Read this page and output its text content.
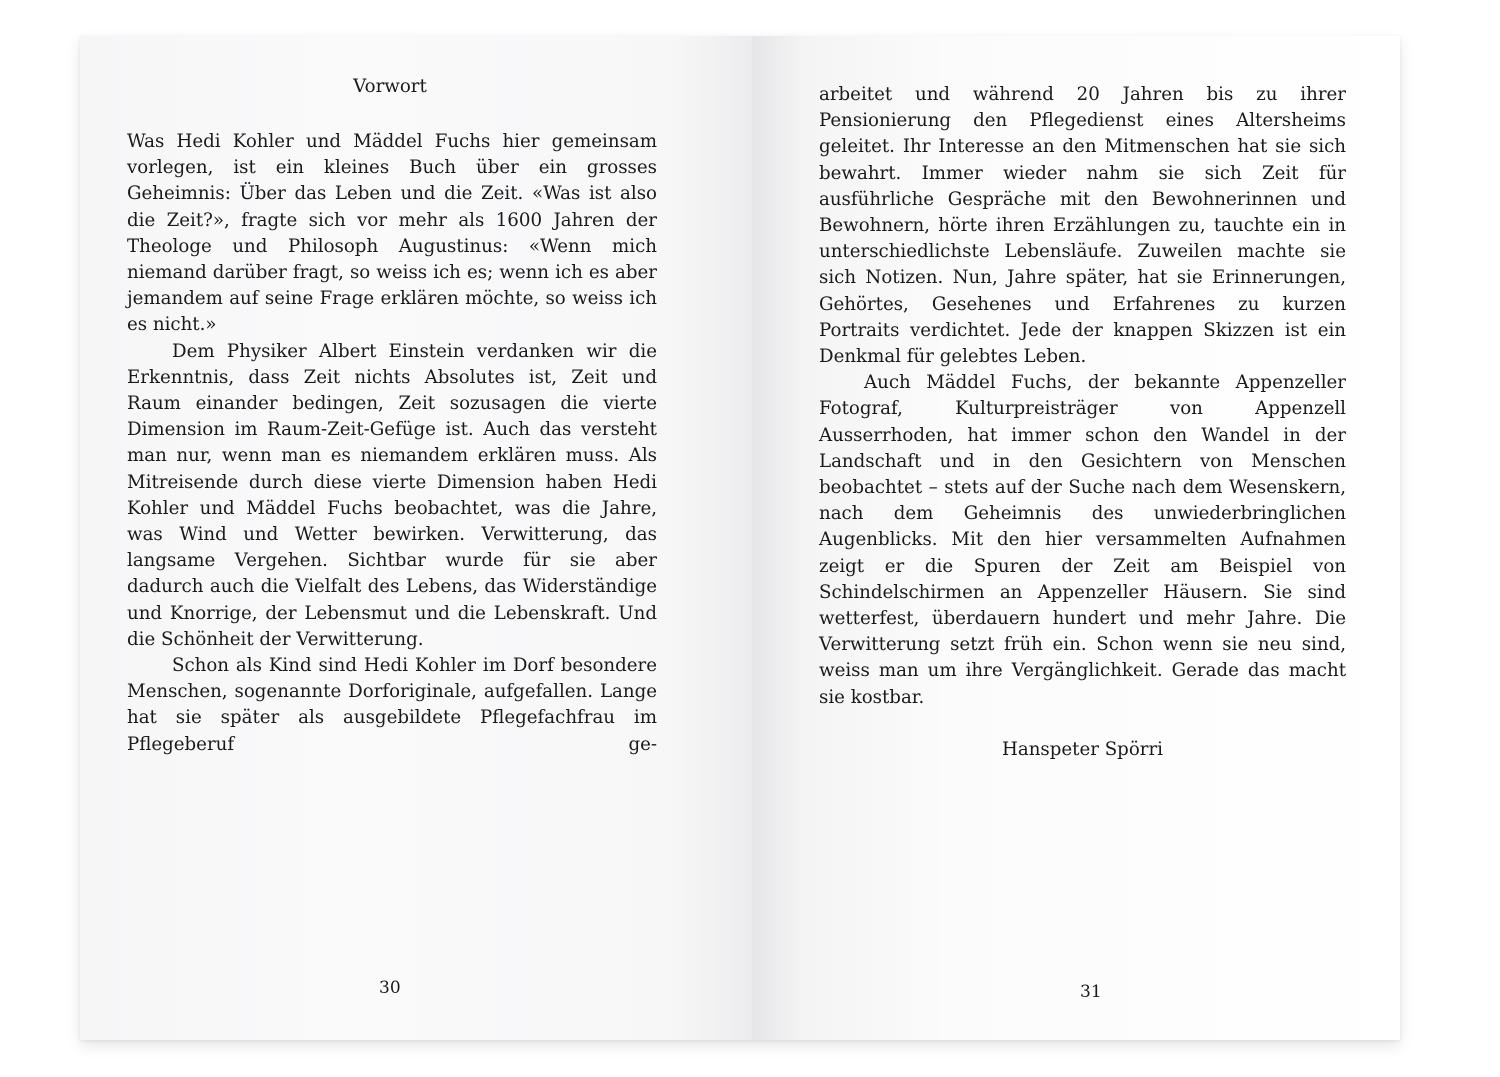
Vorwort

Was Hedi Kohler und Mäddel Fuchs hier gemeinsam vorlegen, ist ein kleines Buch über ein grosses Geheimnis: Über das Leben und die Zeit. «Was ist also die Zeit?», fragte sich vor mehr als 1600 Jahren der Theologe und Philosoph Augustinus: «Wenn mich niemand darüber fragt, so weiss ich es; wenn ich es aber jemandem auf seine Frage erklären möchte, so weiss ich es nicht.»

Dem Physiker Albert Einstein verdanken wir die Erkenntnis, dass Zeit nichts Absolutes ist, Zeit und Raum einander bedingen, Zeit sozusagen die vierte Dimension im Raum-Zeit-Gefüge ist. Auch das versteht man nur, wenn man es niemandem erklären muss. Als Mitreisende durch diese vierte Dimension haben Hedi Kohler und Mäddel Fuchs beobachtet, was die Jahre, was Wind und Wetter bewirken. Verwitterung, das langsame Vergehen. Sichtbar wurde für sie aber dadurch auch die Vielfalt des Lebens, das Widerständige und Knorrige, der Lebensmut und die Lebenskraft. Und die Schönheit der Verwitterung.

Schon als Kind sind Hedi Kohler im Dorf besondere Menschen, sogenannte Dorforiginale, aufgefallen. Lange hat sie später als ausgebildete Pflegefachfrau im Pflegeberuf ge-

30

arbeitet und während 20 Jahren bis zu ihrer Pensionierung den Pflegedienst eines Altersheims geleitet. Ihr Interesse an den Mitmenschen hat sie sich bewahrt. Immer wieder nahm sie sich Zeit für ausführliche Gespräche mit den Bewohnerinnen und Bewohnern, hörte ihren Erzählungen zu, tauchte ein in unterschiedlichste Lebensläufe. Zuweilen machte sie sich Notizen. Nun, Jahre später, hat sie Erinnerungen, Gehörtes, Gesehenes und Erfahrenes zu kurzen Portraits verdichtet. Jede der knappen Skizzen ist ein Denkmal für gelebtes Leben.

Auch Mäddel Fuchs, der bekannte Appenzeller Fotograf, Kulturpreisträger von Appenzell Ausserrhoden, hat immer schon den Wandel in der Landschaft und in den Gesichtern von Menschen beobachtet – stets auf der Suche nach dem Wesenskern, nach dem Geheimnis des unwiederbringlichen Augenblicks. Mit den hier versammelten Aufnahmen zeigt er die Spuren der Zeit am Beispiel von Schindelschirmen an Appenzeller Häusern. Sie sind wetterfest, überdauern hundert und mehr Jahre. Die Verwitterung setzt früh ein. Schon wenn sie neu sind, weiss man um ihre Vergänglichkeit. Gerade das macht sie kostbar.

Hanspeter Spörri
31
